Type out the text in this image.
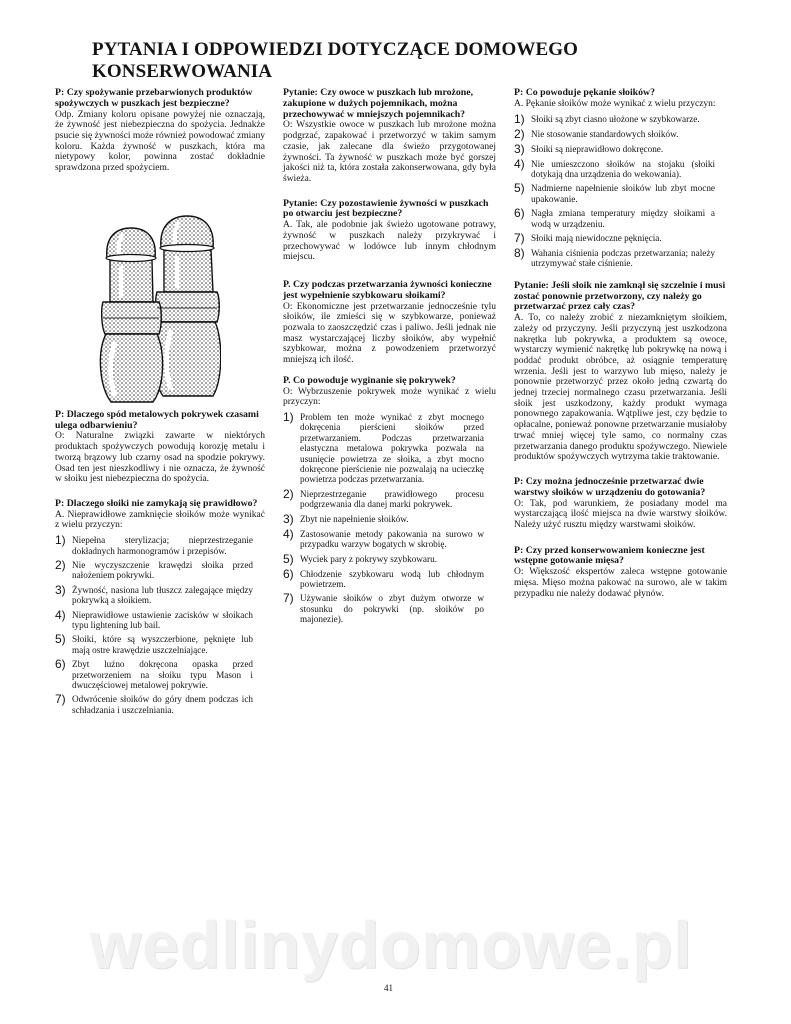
PYTANIA I ODPOWIEDZI DOTYCZĄCE DOMOWEGO
KONSERWOWANIA
P: Czy spożywanie przebarwionych produktów spożywczych w puszkach jest bezpieczne?
Odp. Zmiany koloru opisane powyżej nie oznaczają, że żywność jest niebezpieczna do spożycia. Jednakże psucie się żywności może również powodować zmiany koloru. Każda żywność w puszkach, która ma nietypowy kolor, powinna zostać dokładnie sprawdzona przed spożyciem.
P: Dlaczego spód metalowych pokrywek czasami ulega odbarwieniu?
O: Naturalne związki zawarte w niektórych produktach spożywczych powodują korozję metalu i tworzą brązowy lub czarny osad na spodzie pokrywy. Osad ten jest nieszkodliwy i nie oznacza, że żywność w słoiku jest niebezpieczna do spożycia.
P: Dlaczego słoiki nie zamykają się prawidłowo?
A. Nieprawidłowe zamknięcie słoików może wynikać z wielu przyczyn:
1) Niepełna sterylizacja; nieprzestrzeganie dokładnych harmonogramów i przepisów.
2) Nie wyczyszczenie krawędzi słoika przed nałożeniem pokrywki.
3) Żywność, nasiona lub tłuszcz zalegające między pokrywką a słoikiem.
4) Nieprawidłowe ustawienie zacisków w słoikach typu lightening lub bail.
5) Słoiki, które są wyszczerbione, pęknięte lub mają ostre krawędzie uszczelniające.
6) Zbyt luźno dokręcona opaska przed przetworzeniem na słoiku typu Mason i dwuczęściowej metalowej pokrywie.
7) Odwrócenie słoików do góry dnem podczas ich schładzania i uszczelniania.
Pytanie: Czy owoce w puszkach lub mrożone, zakupione w dużych pojemnikach, można przechowywać w mniejszych pojemnikach?
O: Wszystkie owoce w puszkach lub mrożone można podgrzać, zapakować i przetworzyć w takim samym czasie, jak zalecane dla świeżo przygotowanej żywności. Ta żywność w puszkach może być gorszej jakości niż ta, która została zakonserwowana, gdy była świeża.
Pytanie: Czy pozostawienie żywności w puszkach po otwarciu jest bezpieczne?
A. Tak, ale podobnie jak świeżo ugotowane potrawy, żywność w puszkach należy przykrywać i przechowywać w lodówce lub innym chłodnym miejscu.
P. Czy podczas przetwarzania żywności konieczne jest wypełnienie szybkowaru słoikami?
O: Ekonomiczne jest przetwarzanie jednocześnie tylu słoików, ile zmieści się w szybkowarze, ponieważ pozwala to zaoszczędzić czas i paliwo. Jeśli jednak nie masz wystarczającej liczby słoików, aby wypełnić szybkowar, można z powodzeniem przetworzyć mniejszą ich ilość.
P. Co powoduje wyginanie się pokrywek?
O: Wybrzuszenie pokrywek może wynikać z wielu przyczyn:
1) Problem ten może wynikać z zbyt mocnego dokręcenia pierścieni słoików przed przetwarzaniem. Podczas przetwarzania elastyczna metalowa pokrywka pozwala na usunięcie powietrza ze słoika, a zbyt mocno dokręcone pierścienie nie pozwalają na ucieczkę powietrza podczas przetwarzania.
2) Nieprzestrzeganie prawidłowego procesu podgrzewania dla danej marki pokrywek.
3) Zbyt nie napełnienie słoików.
4) Zastosowanie metody pakowania na surowo w przypadku warzyw bogatych w skrobię.
5) Wyciek pary z pokrywy szybkowaru.
6) Chłodzenie szybkowaru wodą lub chłodnym powietrzem.
7) Używanie słoików o zbyt dużym otworze w stosunku do pokrywki (np. słoików po majonezie).
P: Co powoduje pękanie słoików?
A. Pękanie słoików może wynikać z wielu przyczyn:
1) Słoiki są zbyt ciasno ułożone w szybkowarze.
2) Nie stosowanie standardowych słoików.
3) Słoiki są nieprawidłowo dokręcone.
4) Nie umieszczono słoików na stojaku (słoiki dotykają dna urządzenia do wekowania).
5) Nadmierne napełnienie słoików lub zbyt mocne upakowanie.
6) Nagła zmiana temperatury między słoikami a wodą w urządzeniu.
7) Słoiki mają niewidoczne pęknięcia.
8) Wahania ciśnienia podczas przetwarzania; należy utrzymywać stałe ciśnienie.
Pytanie: Jeśli słoik nie zamknął się szczelnie i musi zostać ponownie przetworzony, czy należy go przetwarzać przez cały czas?
A. To, co należy zrobić z niezamkniętym słoikiem, zależy od przyczyny. Jeśli przyczyną jest uszkodzona nakrętka lub pokrywka, a produktem są owoce, wystarczy wymienić nakrętkę lub pokrywkę na nową i poddać produkt obróbce, aż osiągnie temperaturę wrzenia. Jeśli jest to warzywo lub mięso, należy je ponownie przetworzyć przez około jedną czwartą do jednej trzeciej normalnego czasu przetwarzania. Jeśli słoik jest uszkodzony, każdy produkt wymaga ponownego zapakowania. Wątpliwe jest, czy będzie to opłacalne, ponieważ ponowne przetwarzanie musiałoby trwać mniej więcej tyle samo, co normalny czas przetwarzania danego produktu spożywczego. Niewiele produktów spożywczych wytrzyma takie traktowanie.
P: Czy można jednocześnie przetwarzać dwie warstwy słoików w urządzeniu do gotowania?
O: Tak, pod warunkiem, że posiadany model ma wystarczającą ilość miejsca na dwie warstwy słoików. Należy użyć rusztu między warstwami słoików.
P: Czy przed konserwowaniem konieczne jest wstępne gotowanie mięsa?
O: Większość ekspertów zaleca wstępne gotowanie mięsa. Mięso można pakować na surowo, ale w takim przypadku nie należy dodawać płynów.
wedlinydomowe.pl
41
